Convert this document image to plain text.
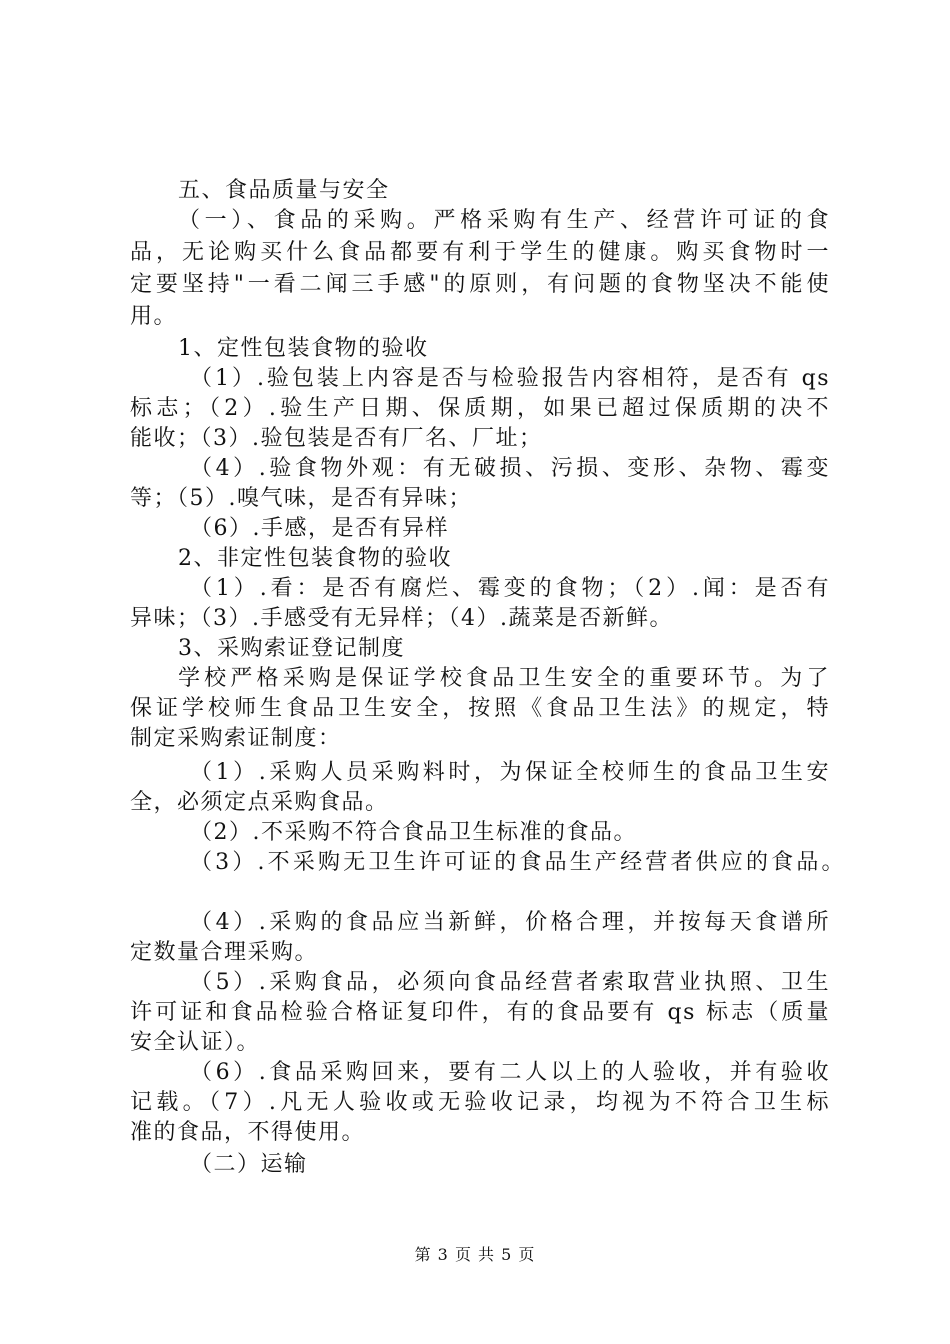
五、食品质量与安全
（一）、食品的采购。严格采购有生产、经营许可证的食
品，无论购买什么食品都要有利于学生的健康。购买食物时一
定要坚持"一看二闻三手感"的原则，有问题的食物坚决不能使
用。
1、定性包装食物的验收
（1）.验包装上内容是否与检验报告内容相符，是否有 qs
标志；（2）.验生产日期、保质期，如果已超过保质期的决不
能收；（3）.验包装是否有厂名、厂址；
（4）.验食物外观：有无破损、污损、变形、杂物、霉变
等；（5）.嗅气味，是否有异味；
（6）.手感，是否有异样
2、非定性包装食物的验收
（1）.看：是否有腐烂、霉变的食物；（2）.闻：是否有
异味；（3）.手感受有无异样；（4）.蔬菜是否新鲜。
3、采购索证登记制度
学校严格采购是保证学校食品卫生安全的重要环节。为了
保证学校师生食品卫生安全，按照《食品卫生法》的规定，特
制定采购索证制度：
（1）.采购人员采购料时，为保证全校师生的食品卫生安
全，必须定点采购食品。
（2）.不采购不符合食品卫生标准的食品。
（3）.不采购无卫生许可证的食品生产经营者供应的食品。
（4）.采购的食品应当新鲜，价格合理，并按每天食谱所
定数量合理采购。
（5）.采购食品，必须向食品经营者索取营业执照、卫生
许可证和食品检验合格证复印件，有的食品要有 qs 标志（质量
安全认证）。
（6）.食品采购回来，要有二人以上的人验收，并有验收
记载。（7）.凡无人验收或无验收记录，均视为不符合卫生标
准的食品，不得使用。
（二）运输
第 3 页 共 5 页
